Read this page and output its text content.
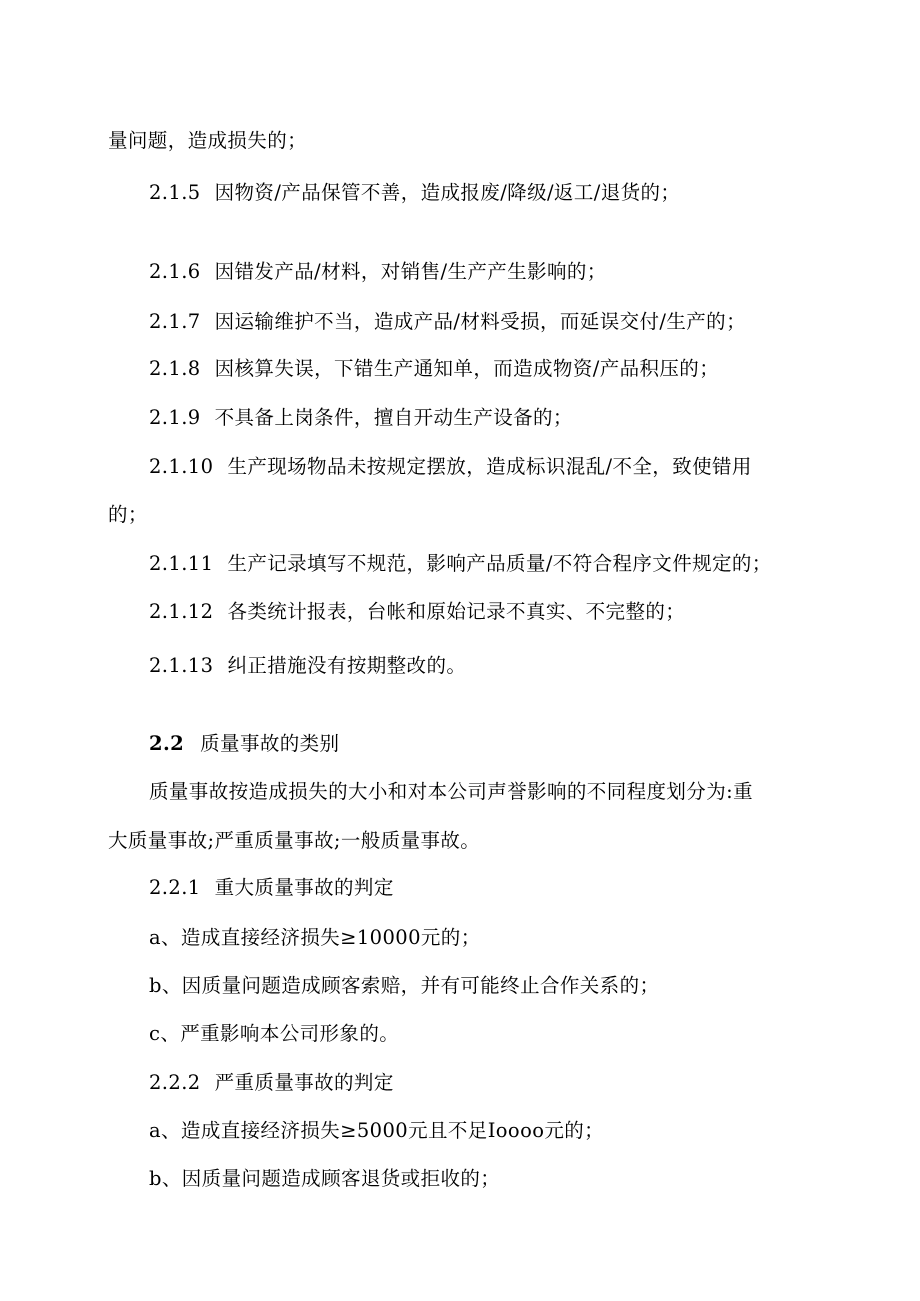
量问题，造成损失的；
2.1.5 因物资/产品保管不善，造成报废/降级/返工/退货的；
2.1.6 因错发产品/材料，对销售/生产产生影响的；
2.1.7 因运输维护不当，造成产品/材料受损，而延误交付/生产的；
2.1.8 因核算失误，下错生产通知单，而造成物资/产品积压的；
2.1.9 不具备上岗条件，擅自开动生产设备的；
2.1.10 生产现场物品未按规定摆放，造成标识混乱/不全，致使错用
的；
2.1.11 生产记录填写不规范，影响产品质量/不符合程序文件规定的；
2.1.12 各类统计报表，台帐和原始记录不真实、不完整的；
2.1.13 纠正措施没有按期整改的。
2.2 质量事故的类别
质量事故按造成损失的大小和对本公司声誉影响的不同程度划分为:重
大质量事故;严重质量事故;一般质量事故。
2.2.1 重大质量事故的判定
a、造成直接经济损失≥10000元的；
b、因质量问题造成顾客索赔，并有可能终止合作关系的；
c、严重影响本公司形象的。
2.2.2 严重质量事故的判定
a、造成直接经济损失≥5000元且不足Ioooo元的；
b、因质量问题造成顾客退货或拒收的；
